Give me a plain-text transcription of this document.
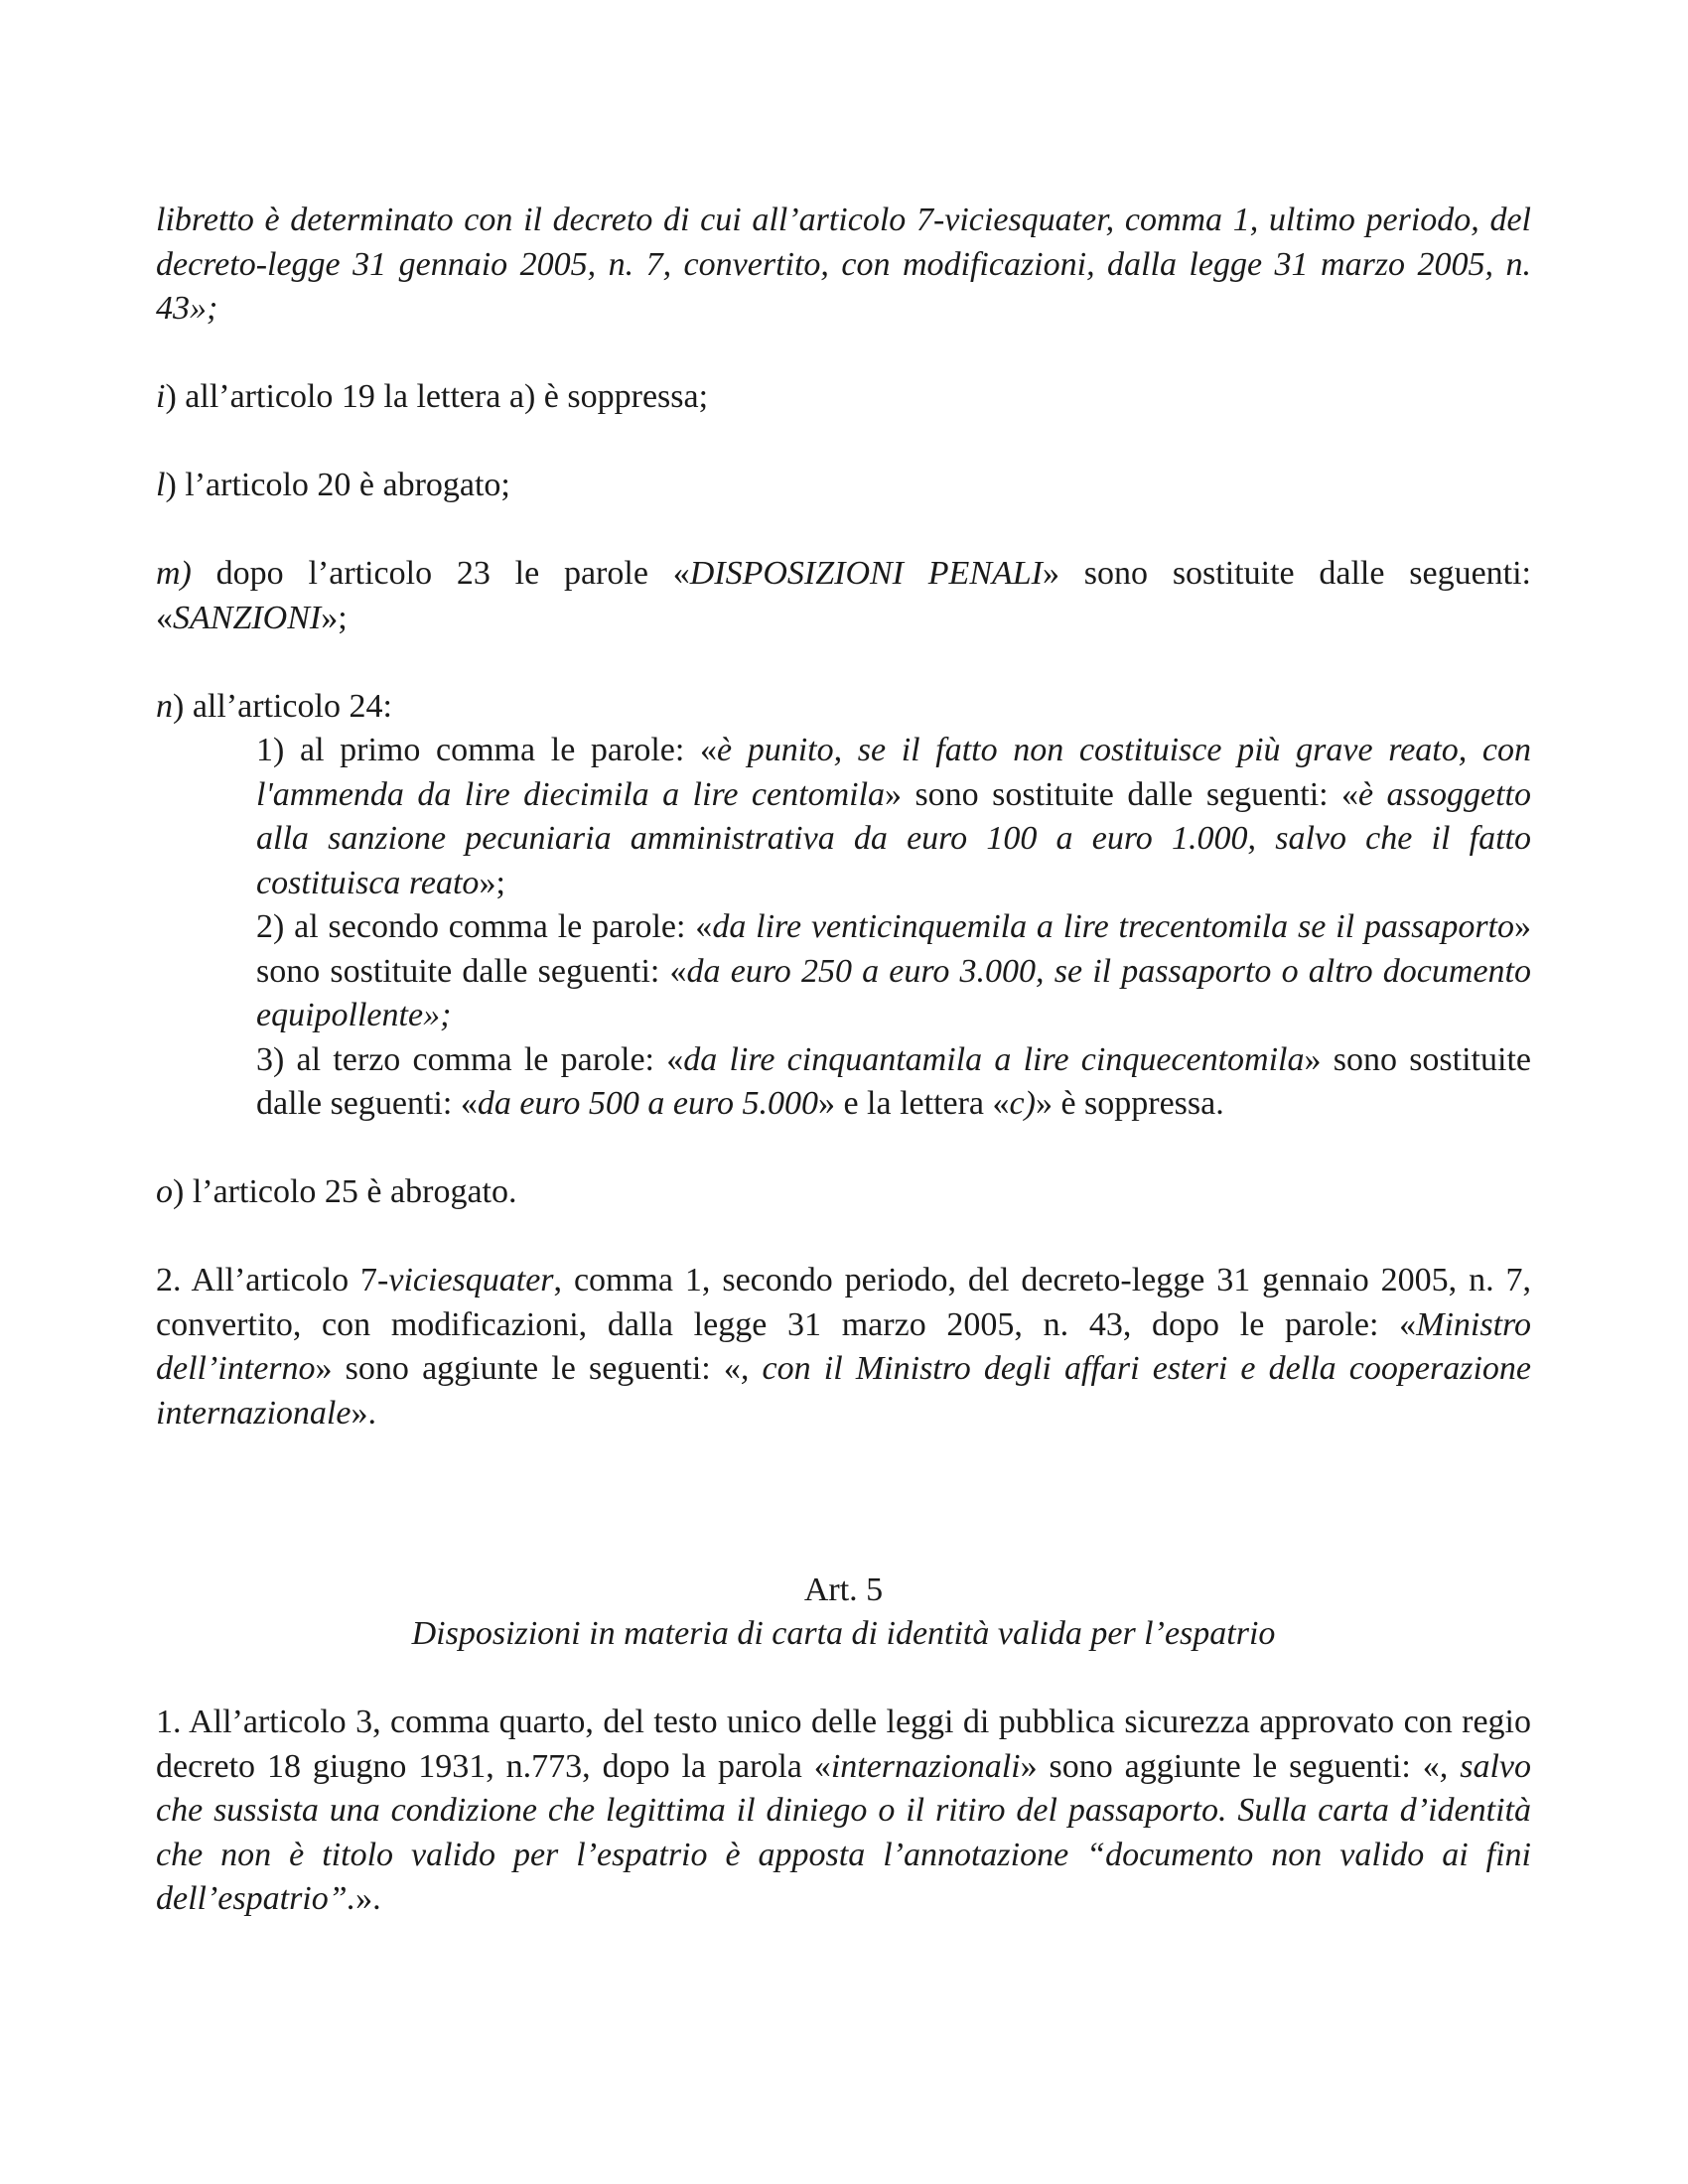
libretto è determinato con il decreto di cui all’articolo 7-viciesquater, comma 1, ultimo periodo, del decreto-legge 31 gennaio 2005, n. 7, convertito, con modificazioni, dalla legge 31 marzo 2005, n. 43»;

i) all’articolo 19 la lettera a) è soppressa;

l) l’articolo 20 è abrogato;

m) dopo l’articolo 23 le parole «DISPOSIZIONI PENALI» sono sostituite dalle seguenti: «SANZIONI»;

n) all’articolo 24:

1) al primo comma le parole: «è punito, se il fatto non costituisce più grave reato, con l'ammenda da lire diecimila a lire centomila» sono sostituite dalle seguenti: «è assoggetto alla sanzione pecuniaria amministrativa da euro 100 a euro 1.000, salvo che il fatto costituisca reato»;

2) al secondo comma le parole: «da lire venticinquemila a lire trecentomila se il passaporto» sono sostituite dalle seguenti: «da euro 250 a euro 3.000, se il passaporto o altro documento equipollente»;

3) al terzo comma le parole: «da lire cinquantamila a lire cinquecentomila» sono sostituite dalle seguenti: «da euro 500 a euro 5.000» e la lettera «c)» è soppressa.

o) l’articolo 25 è abrogato.

2. All’articolo 7-viciesquater, comma 1, secondo periodo, del decreto-legge 31 gennaio 2005, n. 7, convertito, con modificazioni, dalla legge 31 marzo 2005, n. 43, dopo le parole: «Ministro dell’interno» sono aggiunte le seguenti: «, con il Ministro degli affari esteri e della cooperazione internazionale».

Art. 5

Disposizioni in materia di carta di identità valida per l’espatrio

1. All’articolo 3, comma quarto, del testo unico delle leggi di pubblica sicurezza approvato con regio decreto 18 giugno 1931, n.773, dopo la parola «internazionali» sono aggiunte le seguenti: «, salvo che sussista una condizione che legittima il diniego o il ritiro del passaporto. Sulla carta d’identità che non è titolo valido per l’espatrio è apposta l’annotazione “documento non valido ai fini dell’espatrio”.».
